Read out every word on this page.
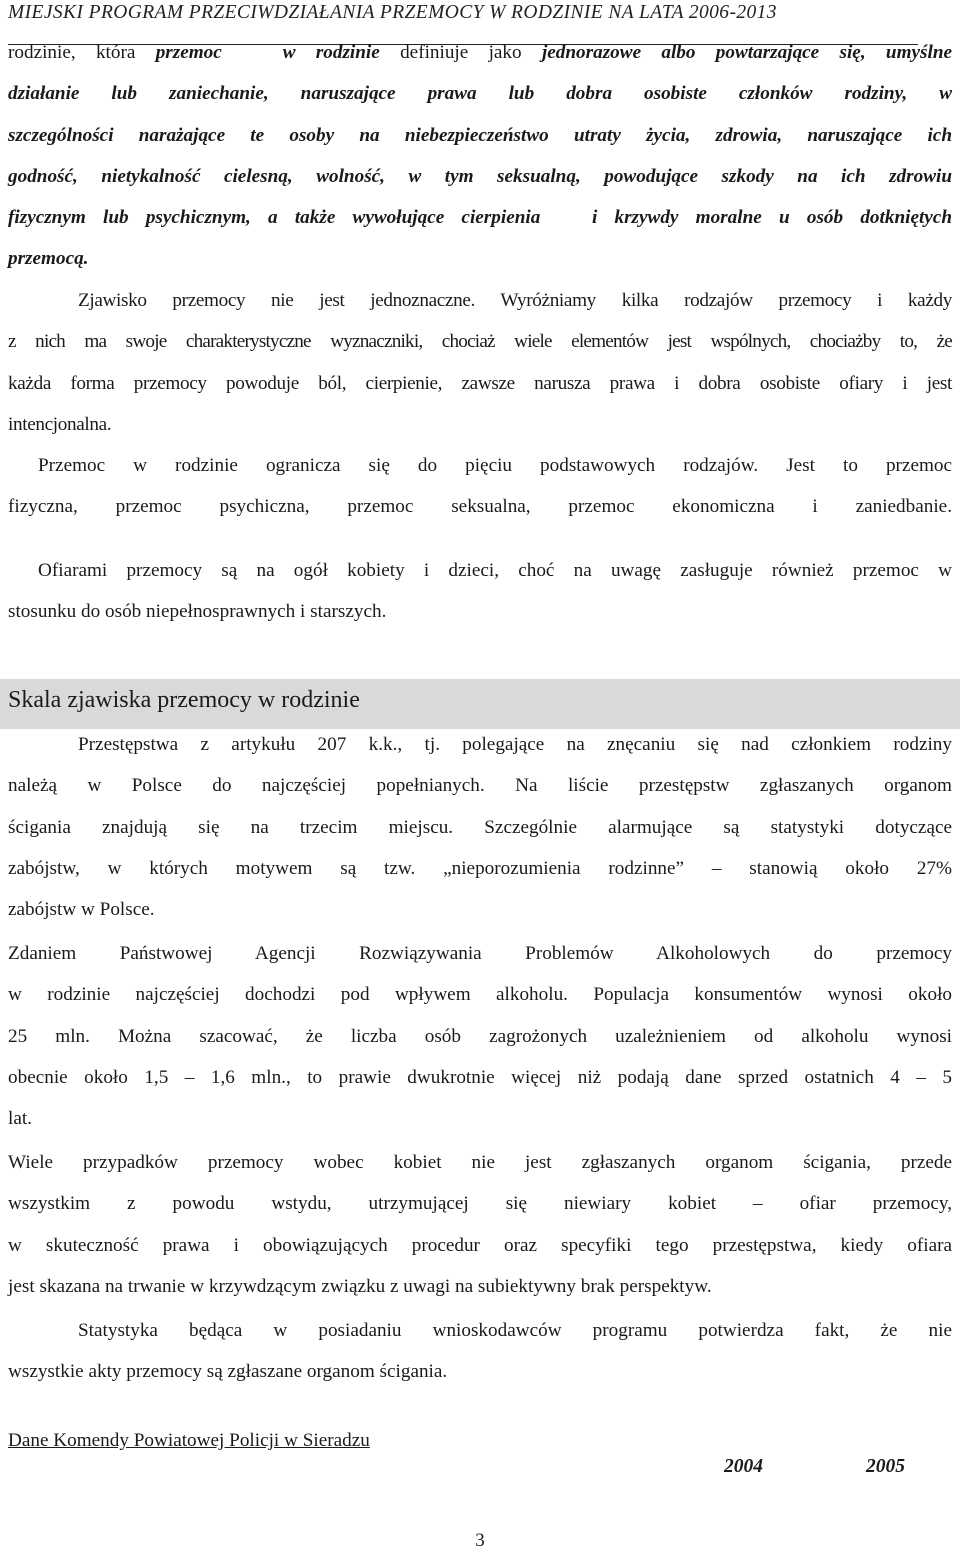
MIEJSKI PROGRAM PRZECIWDZIAŁANIA PRZEMOCY W RODZINIE NA LATA 2006-2013
rodzinie, która przemoc   w rodzinie definiuje jako jednorazowe albo powtarzające się, umyślne
działanie lub zaniechanie, naruszające prawa lub dobra osobiste członków rodziny, w
szczególności narażające te osoby na niebezpieczeństwo utraty życia, zdrowia, naruszające ich
godność, nietykalność cielesną, wolność, w tym seksualną, powodujące szkody na ich zdrowiu
fizycznym lub psychicznym, a także wywołujące cierpienia   i krzywdy moralne u osób dotkniętych
przemocą.
Zjawisko przemocy nie jest jednoznaczne. Wyróżniamy kilka rodzajów przemocy i każdy
z nich ma swoje charakterystyczne wyznaczniki, chociaż wiele elementów jest wspólnych, chociażby to, że
każda forma przemocy powoduje ból, cierpienie, zawsze narusza prawa i dobra osobiste ofiary i jest
intencjonalna.
Przemoc w rodzinie ogranicza się do pięciu podstawowych rodzajów. Jest to przemoc
fizyczna, przemoc psychiczna, przemoc seksualna, przemoc ekonomiczna i zaniedbanie.
Ofiarami przemocy są na ogół kobiety i dzieci, choć na uwagę zasługuje również przemoc w
stosunku do osób niepełnosprawnych i starszych.
Skala zjawiska przemocy w rodzinie
Przestępstwa z artykułu 207 k.k., tj. polegające na znęcaniu się nad członkiem rodziny
należą w Polsce do najczęściej popełnianych. Na liście przestępstw zgłaszanych organom
ścigania znajdują się na trzecim miejscu. Szczególnie alarmujące są statystyki dotyczące
zabójstw, w których motywem są tzw. „nieporozumienia rodzinne” – stanowią około 27%
zabójstw w Polsce.
Zdaniem Państwowej Agencji Rozwiązywania Problemów Alkoholowych do przemocy
w rodzinie najczęściej dochodzi pod wpływem alkoholu. Populacja konsumentów wynosi około
25 mln. Można szacować, że liczba osób zagrożonych uzależnieniem od alkoholu wynosi
obecnie około 1,5 – 1,6 mln., to prawie dwukrotnie więcej niż podają dane sprzed ostatnich 4 – 5
lat.
Wiele przypadków przemocy wobec kobiet nie jest zgłaszanych organom ścigania, przede
wszystkim z powodu wstydu, utrzymującej się niewiary kobiet – ofiar przemocy,
w skuteczność prawa i obowiązujących procedur oraz specyfiki tego przestępstwa, kiedy ofiara
jest skazana na trwanie w krzywdzącym związku z uwagi na subiektywny brak perspektyw.
Statystyka będąca w posiadaniu wnioskodawców programu potwierdza fakt, że nie
wszystkie akty przemocy są zgłaszane organom ścigania.
Dane Komendy Powiatowej Policji w Sieradzu
2004	2005
3
